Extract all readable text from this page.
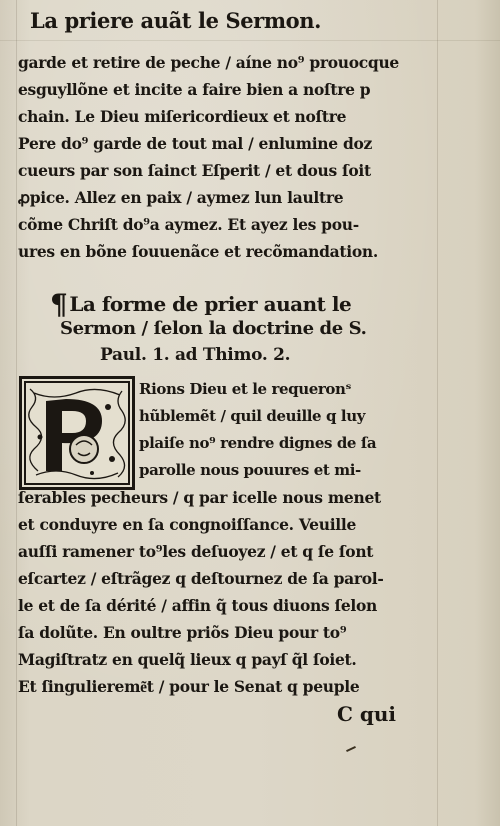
La priere auãt le Sermon.
garde et retire de peche / aíne no⁹ prouocque
esguyllõne et incite a faire bien a noſtre p
chain. Le Dieu miſericordieux et noſtre
Pere do⁹ garde de tout mal / enlumine doz
cueurs par son ſainct Eſperit / et dous ſoit
ꝓpice. Allez en paix / aymez lun laultre
cõme Chriſt do⁹a aymez. Et ayez les pou-
ures en bõne ſouuenãce et recõmandation.
¶ La forme de prier auant le
Sermon / ſelon la doctrine de S.
Paul. 1. ad Thimo. 2.
Rions Dieu et le requeronˢ
hũblemẽt / quil deuille q luy
plaiſe no⁹ rendre dignes de ſa
parolle nous pouures et mi-
ſerables pecheurs / q par icelle nous menet
et conduyre en ſa congnoiſſance. Veuille
auſſi ramener to⁹les deſuoyez / et q ſe ſont
eſcartez / eſtrãgez q deſtournez de ſa parol-
le et de ſa dérité / affin q̃ tous diuons ſelon
ſa dolũte. En oultre priõs Dieu pour to⁹
Magiſtratz en quelq̃ lieux q payſ q̃l ſoiet.
Et ſinguliereme͂t / pour le Senat q peuple
C qui
